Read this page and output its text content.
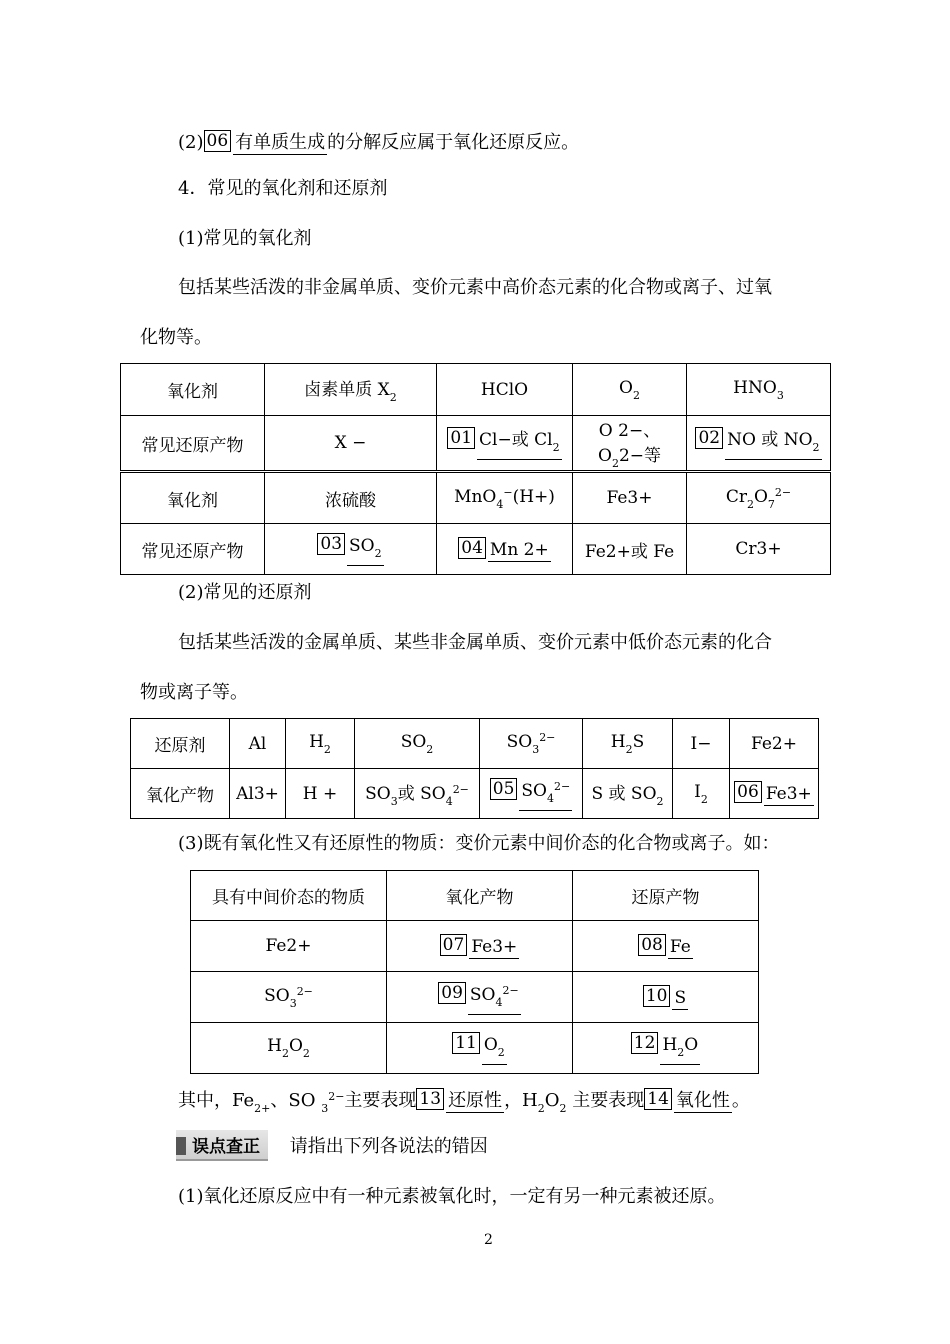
(2) 06 有单质生成 的分解反应属于氧化还原反应。
4．常见的氧化剂和还原剂
(1)常见的氧化剂
包括某些活泼的非金属单质、变价元素中高价态元素的化合物或离子、过氧
化物等。
氧化剂	卤素单质 $X_2$	HClO	$O_2$	$HNO_3$
常见还原产物	X −	01 Cl−或 $Cl_2$	O 2−、$O_22-$等	02 NO 或 $NO_2$
氧化剂	浓硫酸	MnO$_4$−(H+)	Fe3+	$Cr_2O_7^{2-}$
常见还原产物	03 $SO_2$	04 Mn 2+	Fe2+或 Fe	Cr3+
(2)常见的还原剂
包括某些活泼的金属单质、某些非金属单质、变价元素中低价态元素的化合
物或离子等。
还原剂	Al	$H_2$	$SO_2$	$SO_3^{2-}$	$H_2S$	I−	Fe2+
氧化产物	Al3+	H +	$SO_3$或 $SO_4^{2-}$	05 $SO_4^{2-}$	S 或 $SO_2$	$I_2$	06 Fe3+
(3)既有氧化性又有还原性的物质：变价元素中间价态的化合物或离子。如：
具有中间价态的物质	氧化产物	还原产物
Fe2+	07 Fe3+	08 Fe
$SO_3^{2-}$	09 $SO_4^{2-}$	10 S
$H_2O_2$	11 $O_2$	12 $H_2O$
其中，$Fe_{2+}$、SO $_3^{2-}$主要表现 13 还原性 ，$H_2O_2$ 主要表现 14 氧化性 。
误点查正 请指出下列各说法的错因
(1)氧化还原反应中有一种元素被氧化时，一定有另一种元素被还原。
2
